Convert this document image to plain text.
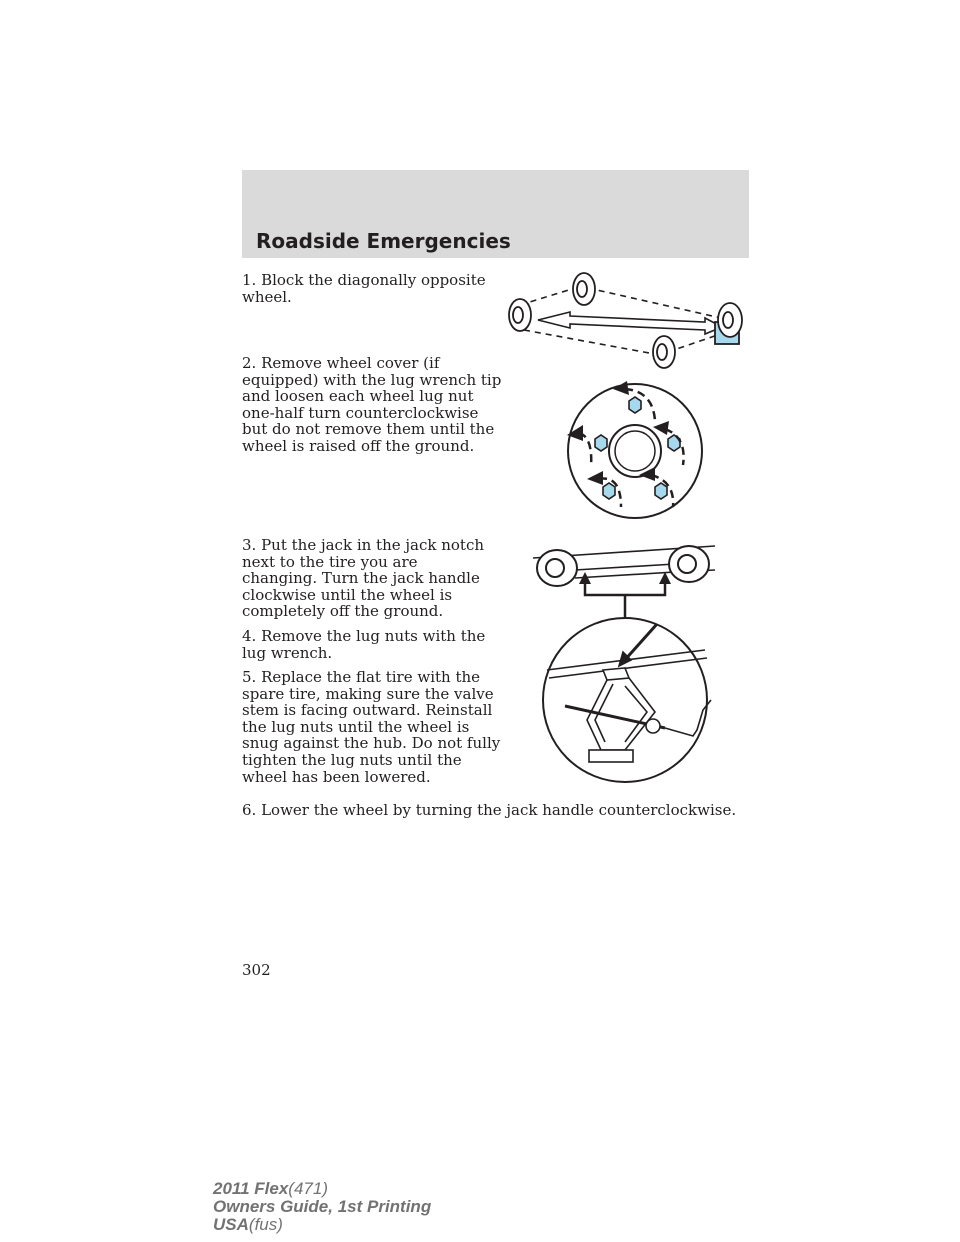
Roadside Emergencies

1. Block the diagonally opposite wheel.

2. Remove wheel cover (if equipped) with the lug wrench tip and loosen each wheel lug nut one-half turn counterclockwise but do not remove them until the wheel is raised off the ground.

3. Put the jack in the jack notch next to the tire you are changing. Turn the jack handle clockwise until the wheel is completely off the ground.

4. Remove the lug nuts with the lug wrench.

5. Replace the flat tire with the spare tire, making sure the valve stem is facing outward. Reinstall the lug nuts until the wheel is snug against the hub. Do not fully tighten the lug nuts until the wheel has been lowered.

6. Lower the wheel by turning the jack handle counterclockwise.

302
2011 Flex(471)
Owners Guide, 1st Printing
USA(fus)
